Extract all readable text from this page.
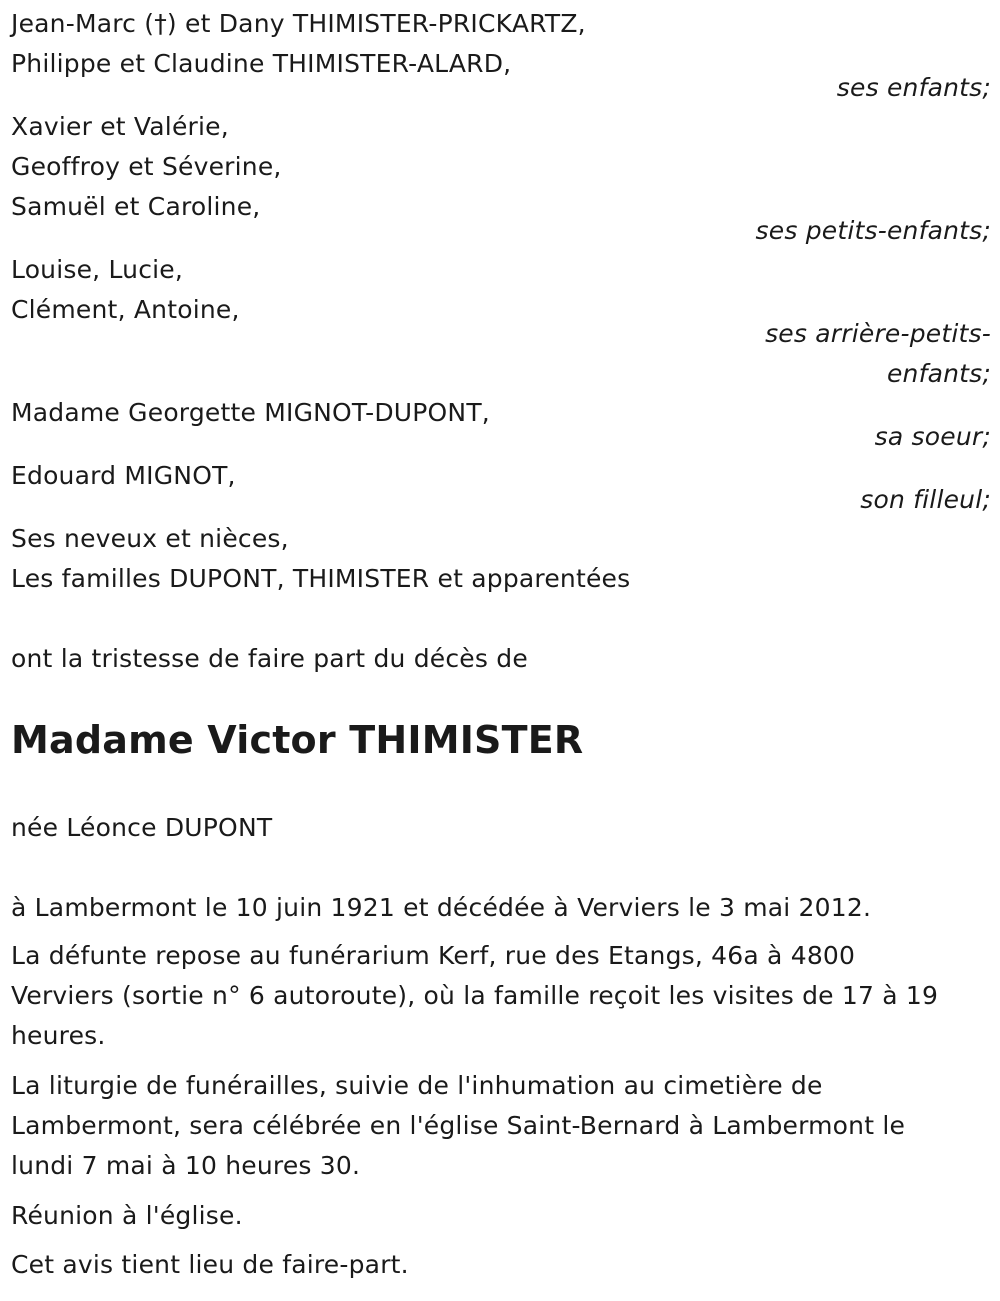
Jean-Marc (†) et Dany THIMISTER-PRICKARTZ,
Philippe et Claudine THIMISTER-ALARD,
ses enfants;
Xavier et Valérie,
Geoffroy et Séverine,
Samuël et Caroline,
ses petits-enfants;
Louise, Lucie,
Clément, Antoine,
ses arrière-petits-
enfants;
Madame Georgette MIGNOT-DUPONT,
sa soeur;
Edouard MIGNOT,
son filleul;
Ses neveux et nièces,
Les familles DUPONT, THIMISTER et apparentées
ont la tristesse de faire part du décès de
Madame Victor THIMISTER
née Léonce DUPONT
à Lambermont le 10 juin 1921 et décédée à Verviers le 3 mai 2012.
La défunte repose au funérarium Kerf, rue des Etangs, 46a à 4800
Verviers (sortie n° 6 autoroute), où la famille reçoit les visites de 17 à 19
heures.
La liturgie de funérailles, suivie de l'inhumation au cimetière de
Lambermont, sera célébrée en l'église Saint-Bernard à Lambermont le
lundi 7 mai à 10 heures 30.
Réunion à l'église.
Cet avis tient lieu de faire-part.
